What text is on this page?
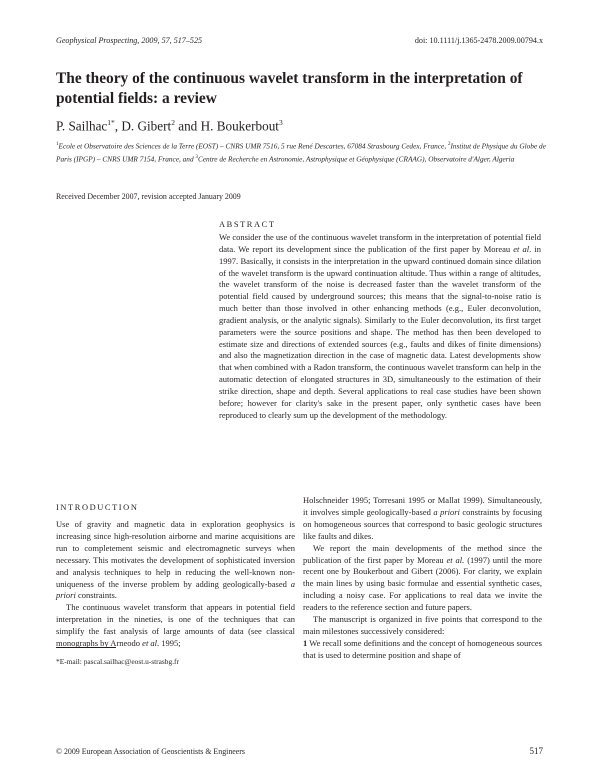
Geophysical Prospecting, 2009, 57, 517–525	doi: 10.1111/j.1365-2478.2009.00794.x
The theory of the continuous wavelet transform in the interpretation of potential fields: a review
P. Sailhac$^{1*}$, D. Gibert$^2$ and H. Boukerbout$^3$
$^1$Ecole et Observatoire des Sciences de la Terre (EOST) – CNRS UMR 7516, 5 rue René Descartes, 67084 Strasbourg Cedex, France, $^2$Institut de Physique du Globe de Paris (IPGP) – CNRS UMR 7154, France, and $^3$Centre de Recherche en Astronomie, Astrophysique et Géophysique (CRAAG), Observatoire d'Alger, Algeria
Received December 2007, revision accepted January 2009
ABSTRACT
We consider the use of the continuous wavelet transform in the interpretation of potential field data. We report its development since the publication of the first paper by Moreau et al. in 1997. Basically, it consists in the interpretation in the upward continued domain since dilation of the wavelet transform is the upward continuation altitude. Thus within a range of altitudes, the wavelet transform of the noise is decreased faster than the wavelet transform of the potential field caused by underground sources; this means that the signal-to-noise ratio is much better than those involved in other enhancing methods (e.g., Euler deconvolution, gradient analysis, or the analytic signals). Similarly to the Euler deconvolution, its first target parameters were the source positions and shape. The method has then been developed to estimate size and directions of extended sources (e.g., faults and dikes of finite dimensions) and also the magnetization direction in the case of magnetic data. Latest developments show that when combined with a Radon transform, the continuous wavelet transform can help in the automatic detection of elongated structures in 3D, simultaneously to the estimation of their strike direction, shape and depth. Several applications to real case studies have been shown before; however for clarity's sake in the present paper, only synthetic cases have been reproduced to clearly sum up the development of the methodology.
INTRODUCTION

Use of gravity and magnetic data in exploration geophysics is increasing since high-resolution airborne and marine acquisitions are run to completement seismic and electromagnetic surveys when necessary. This motivates the development of sophisticated inversion and analysis techniques to help in reducing the well-known non-uniqueness of the inverse problem by adding geologically-based a priori constraints.

The continuous wavelet transform that appears in potential field interpretation in the nineties, is one of the techniques that can simplify the fast analysis of large amounts of data (see classical monographs by Arneodo et al. 1995;

Holschneider 1995; Torresani 1995 or Mallat 1999). Simultaneously, it involves simple geologically-based a priori constraints by focusing on homogeneous sources that correspond to basic geologic structures like faults and dikes.

We report the main developments of the method since the publication of the first paper by Moreau et al. (1997) until the more recent one by Boukerbout and Gibert (2006). For clarity, we explain the main lines by using basic formulae and essential synthetic cases, including a noisy case. For applications to real data we invite the readers to the reference section and future papers.

The manuscript is organized in five points that correspond to the main milestones successively considered:

1 We recall some definitions and the concept of homogeneous sources that is used to determine position and shape of

*E-mail: pascal.sailhac@eost.u-strasbg.fr
© 2009 European Association of Geoscientists & Engineers	517
